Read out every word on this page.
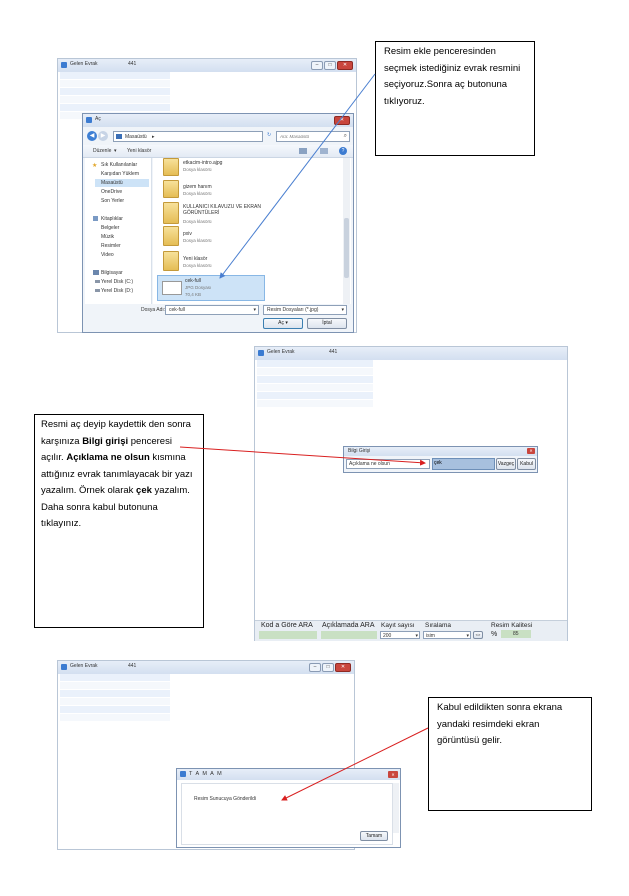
Gelen Evrak	441	–	□	✕
Aç	✕
◀	▶	Masaüstü ▸	↻ Ara: Masaüstü	⌕
Düzenle ▾ Yeni klasör	?
★ Sık Kullanılanlar
Karşıdan Yüklem
Masaüstü
OneDrive
Son Yerler
Kitaplıklar
Belgeler
Müzik
Resimler
Video
Bilgisayar
Yerel Disk (C:)
Yerel Disk (D:)
etkacim-intro.ajpg
Dosya klasörü
gizem hanım
Dosya klasörü
KULLANICI KILAVUZU VE EKRAN GÖRÜNTÜLERİ
Dosya klasörü
pxiv
Dosya klasörü
Yeni klasör
Dosya klasörü
cek-full
JPG Dosyası
70,4 KB
Dosya Adı: cek-full	▾ Resim Dosyaları (*.jpg)	▾
Aç ▾	İptal
Resim ekle penceresinden seçmek istediğiniz evrak resmini seçiyoruz.Sonra aç butonuna tıklıyoruz.
Gelen Evrak	441
Kod a Göre ARA Açıklamada ARA Kayıt sayısı
200	▾
Sıralama
isim	▾	<>
Resim Kalitesi
%	85
Bilgi Girişi	✕
Açıklama ne olsun	çek	Vazgeç	Kabul
Resmi aç deyip kaydettik den sonra karşınıza Bilgi girişi penceresi açılır. Açıklama ne olsun kısmına attığınız evrak tanımlayacak bir yazı yazalım. Örnek olarak çek yazalım. Daha sonra kabul butonuna tıklayınız.
Gelen Evrak	441	–	□	✕
T A M A M	✕
Resim Sunucuya Gönderildi
Tamam
Kabul edildikten sonra ekrana yandaki resimdeki ekran görüntüsü gelir.
